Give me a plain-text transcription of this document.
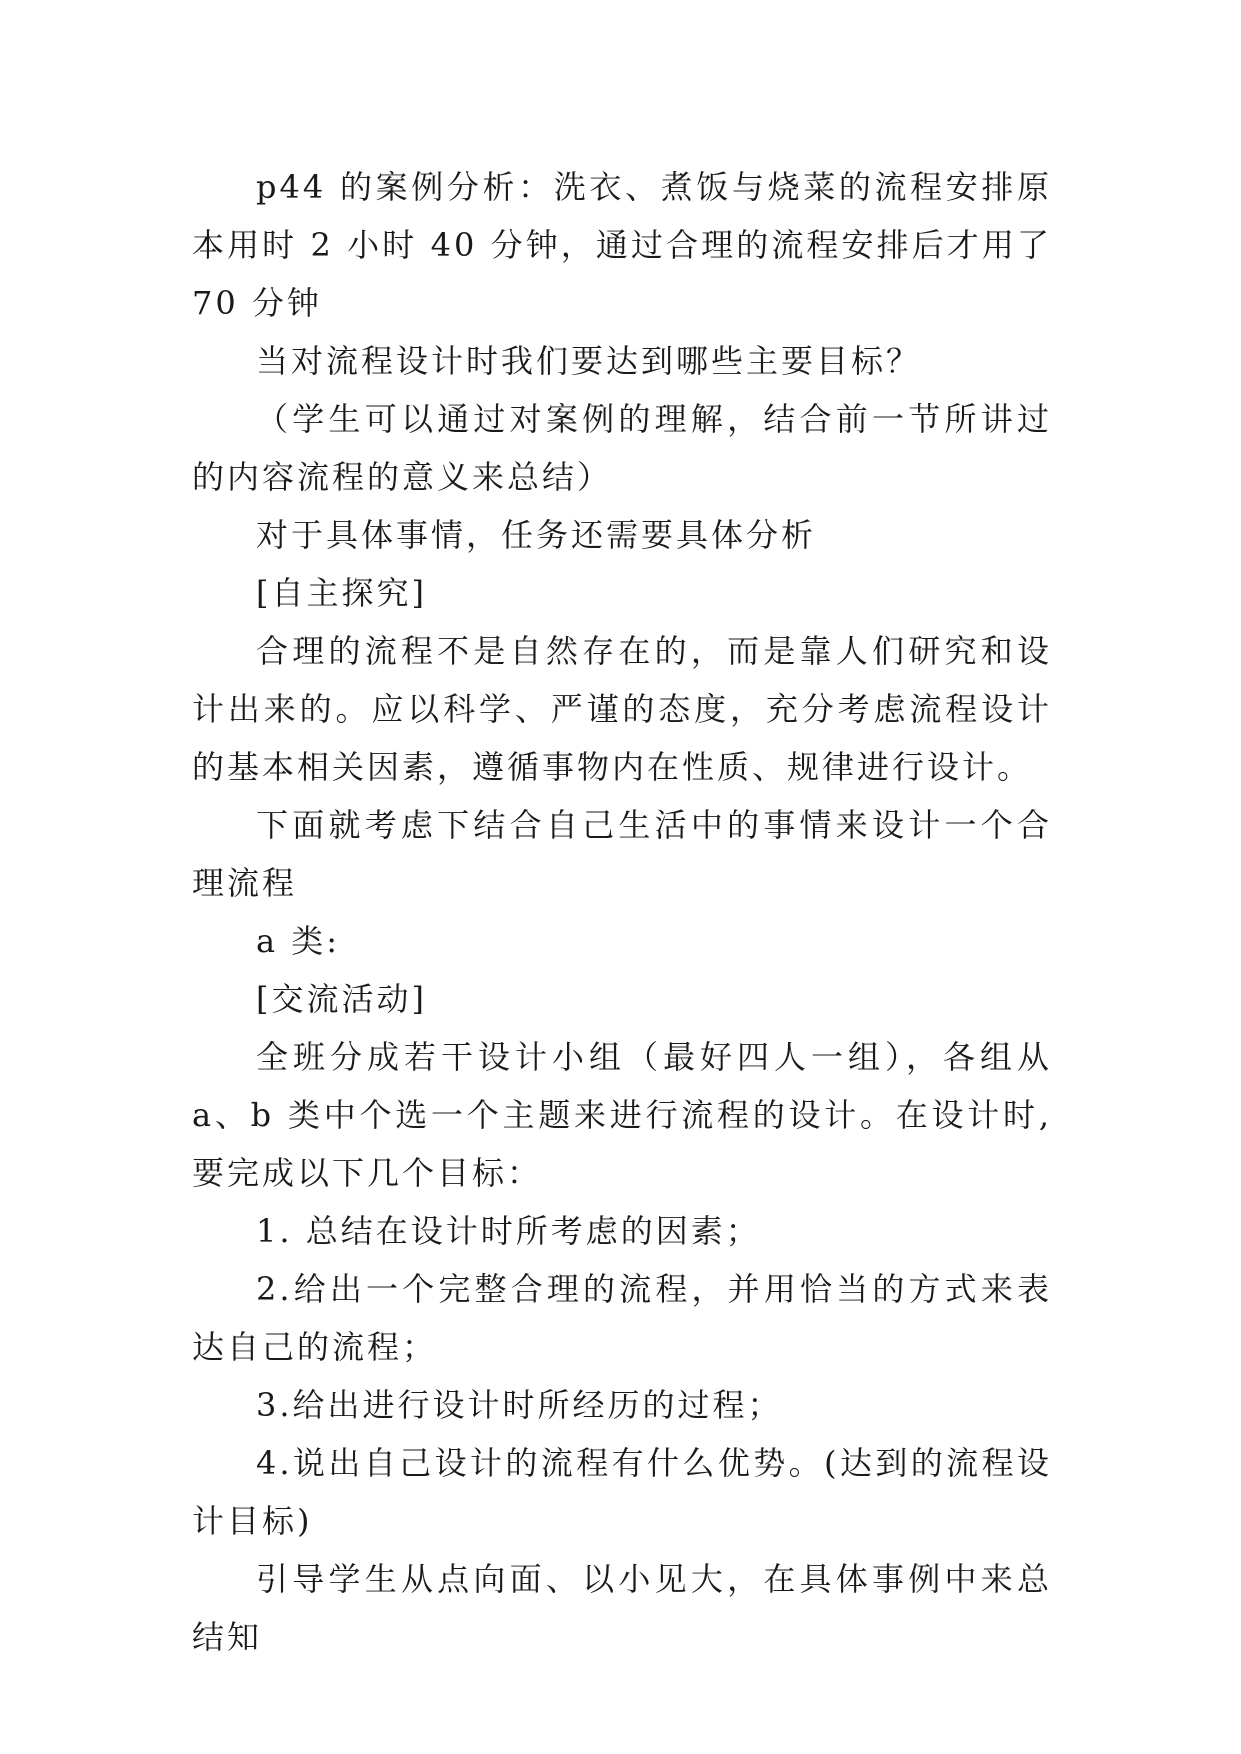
p44 的案例分析：洗衣、煮饭与烧菜的流程安排原本用时 2 小时 40 分钟，通过合理的流程安排后才用了 70 分钟

当对流程设计时我们要达到哪些主要目标？

（学生可以通过对案例的理解，结合前一节所讲过的内容流程的意义来总结）

对于具体事情，任务还需要具体分析

[自主探究]

合理的流程不是自然存在的，而是靠人们研究和设计出来的。应以科学、严谨的态度，充分考虑流程设计的基本相关因素，遵循事物内在性质、规律进行设计。

下面就考虑下结合自己生活中的事情来设计一个合理流程

a 类:

[交流活动]

全班分成若干设计小组（最好四人一组），各组从 a、b 类中个选一个主题来进行流程的设计。在设计时,要完成以下几个目标：

1. 总结在设计时所考虑的因素；

2.给出一个完整合理的流程，并用恰当的方式来表达自己的流程；

3.给出进行设计时所经历的过程；

4.说出自己设计的流程有什么优势。(达到的流程设计目标)

引导学生从点向面、以小见大，在具体事例中来总结知
